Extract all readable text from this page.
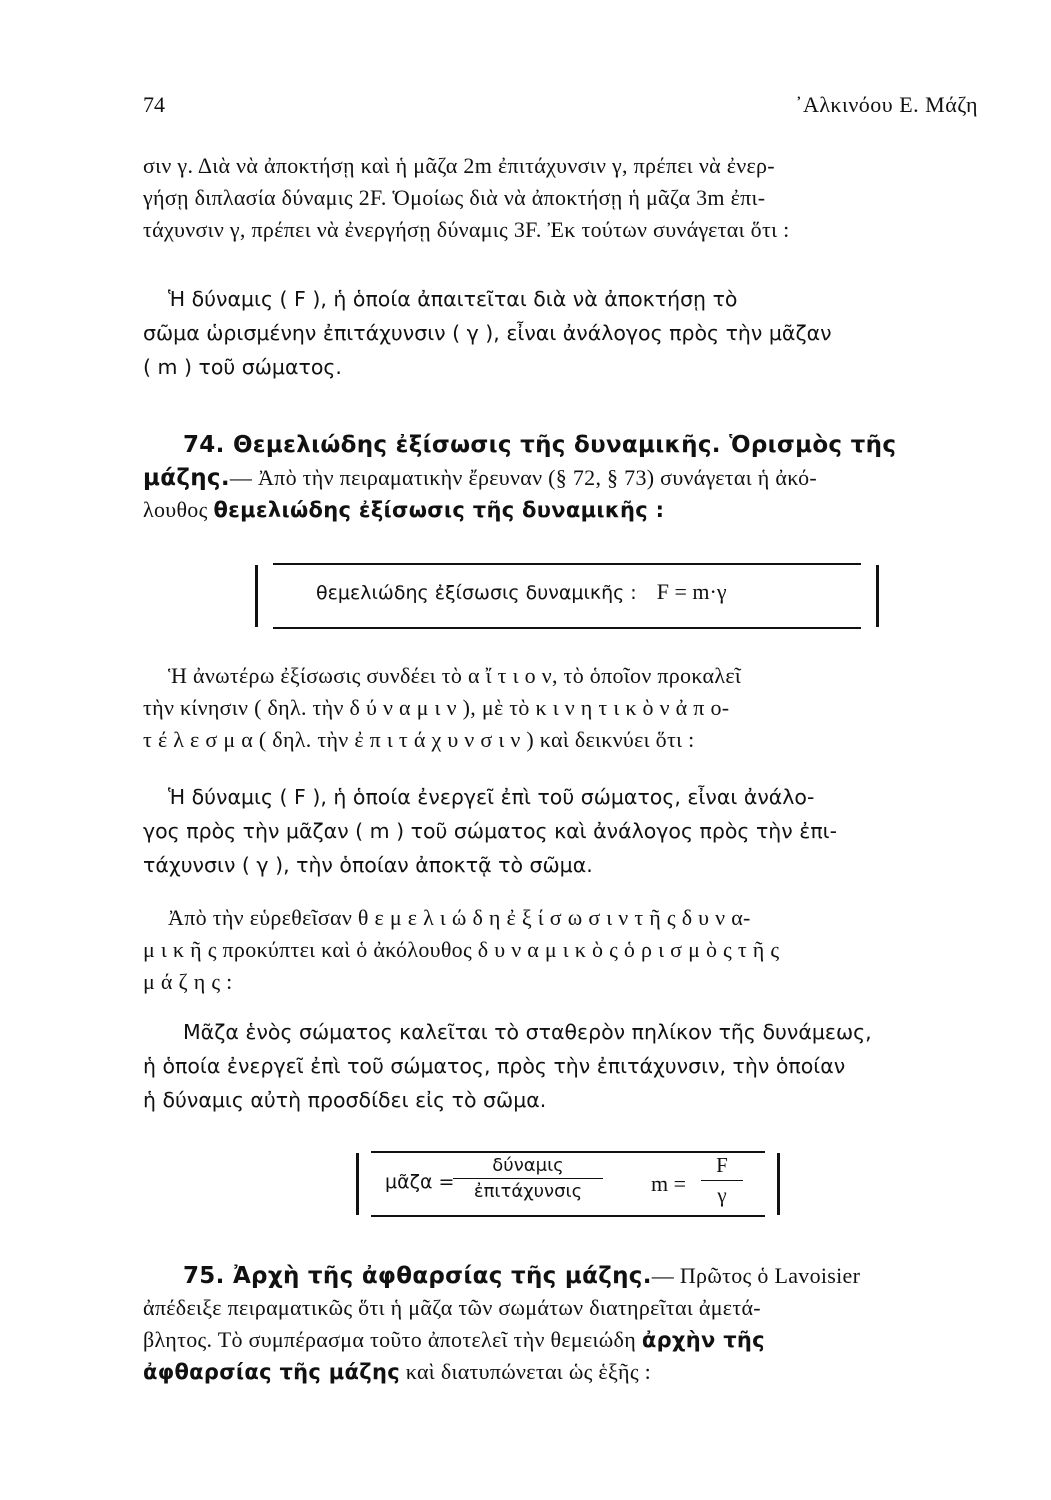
74	᾿Αλκινόου Ε. Μάζη
σιν γ. Διὰ νὰ ἀποκτήσῃ καὶ ἡ μᾶζα 2m ἐπιτάχυνσιν γ, πρέπει νὰ ἐνερ-
γήσῃ διπλασία δύναμις 2F. Ὁμοίως διὰ νὰ ἀποκτήσῃ ἡ μᾶζα 3m ἐπι-
τάχυνσιν γ, πρέπει νὰ ἐνεργήσῃ δύναμις 3F. Ἐκ τούτων συνάγεται ὅτι :
Ἡ δύναμις ( F ), ἡ ὁποία ἀπαιτεῖται διὰ νὰ ἀποκτήσῃ τὸ
σῶμα ὡρισμένην ἐπιτάχυνσιν ( γ ), εἶναι ἀνάλογος πρὸς τὴν μᾶζαν
( m ) τοῦ σώματος.
74. Θεμελιώδης ἐξίσωσις τῆς δυναμικῆς. Ὁρισμὸς τῆς
μάζης.— Ἀπὸ τὴν πειραματικὴν ἔρευναν (§ 72, § 73) συνάγεται ἡ ἀκό-
λουθος θεμελιώδης ἐξίσωσις τῆς δυναμικῆς :
θεμελιώδης ἐξίσωσις δυναμικῆς : F = m·γ
Ἡ ἀνωτέρω ἐξίσωσις συνδέει τὸ α ἴ τ ι ο ν, τὸ ὁποῖον προκαλεῖ
τὴν κίνησιν ( δηλ. τὴν δ ύ ν α μ ι ν ), μὲ τὸ κ ι ν η τ ι κ ὸ ν ἀ π ο-
τ έ λ ε σ μ α ( δηλ. τὴν ἐ π ι τ ά χ υ ν σ ι ν ) καὶ δεικνύει ὅτι :
Ἡ δύναμις ( F ), ἡ ὁποία ἐνεργεῖ ἐπὶ τοῦ σώματος, εἶναι ἀνάλο-
γος πρὸς τὴν μᾶζαν ( m ) τοῦ σώματος καὶ ἀνάλογος πρὸς τὴν ἐπι-
τάχυνσιν ( γ ), τὴν ὁποίαν ἀποκτᾷ τὸ σῶμα.
Ἀπὸ τὴν εὑρεθεῖσαν θ ε μ ε λ ι ώ δ η ἐ ξ ί σ ω σ ι ν τ ῆ ς δ υ ν α-
μ ι κ ῆ ς προκύπτει καὶ ὁ ἀκόλουθος δ υ ν α μ ι κ ὸ ς ὁ ρ ι σ μ ὸ ς τ ῆ ς
μ ά ζ η ς :
Μᾶζα ἑνὸς σώματος καλεῖται τὸ σταθερὸν πηλίκον τῆς δυνάμεως,
ἡ ὁποία ἐνεργεῖ ἐπὶ τοῦ σώματος, πρὸς τὴν ἐπιτάχυνσιν, τὴν ὁποίαν
ἡ δύναμις αὐτὴ προσδίδει εἰς τὸ σῶμα.
μᾶζα =
δύναμις
ἐπιτάχυνσις	m =
F
γ
75. Ἀρχὴ τῆς ἀφθαρσίας τῆς μάζης.— Πρῶτος ὁ Lavoisier
ἀπέδειξε πειραματικῶς ὅτι ἡ μᾶζα τῶν σωμάτων διατηρεῖται ἀμετά-
βλητος. Τὸ συμπέρασμα τοῦτο ἀποτελεῖ τὴν θεμειώδη ἀρχὴν τῆς
ἀφθαρσίας τῆς μάζης καὶ διατυπώνεται ὡς ἑξῆς :
